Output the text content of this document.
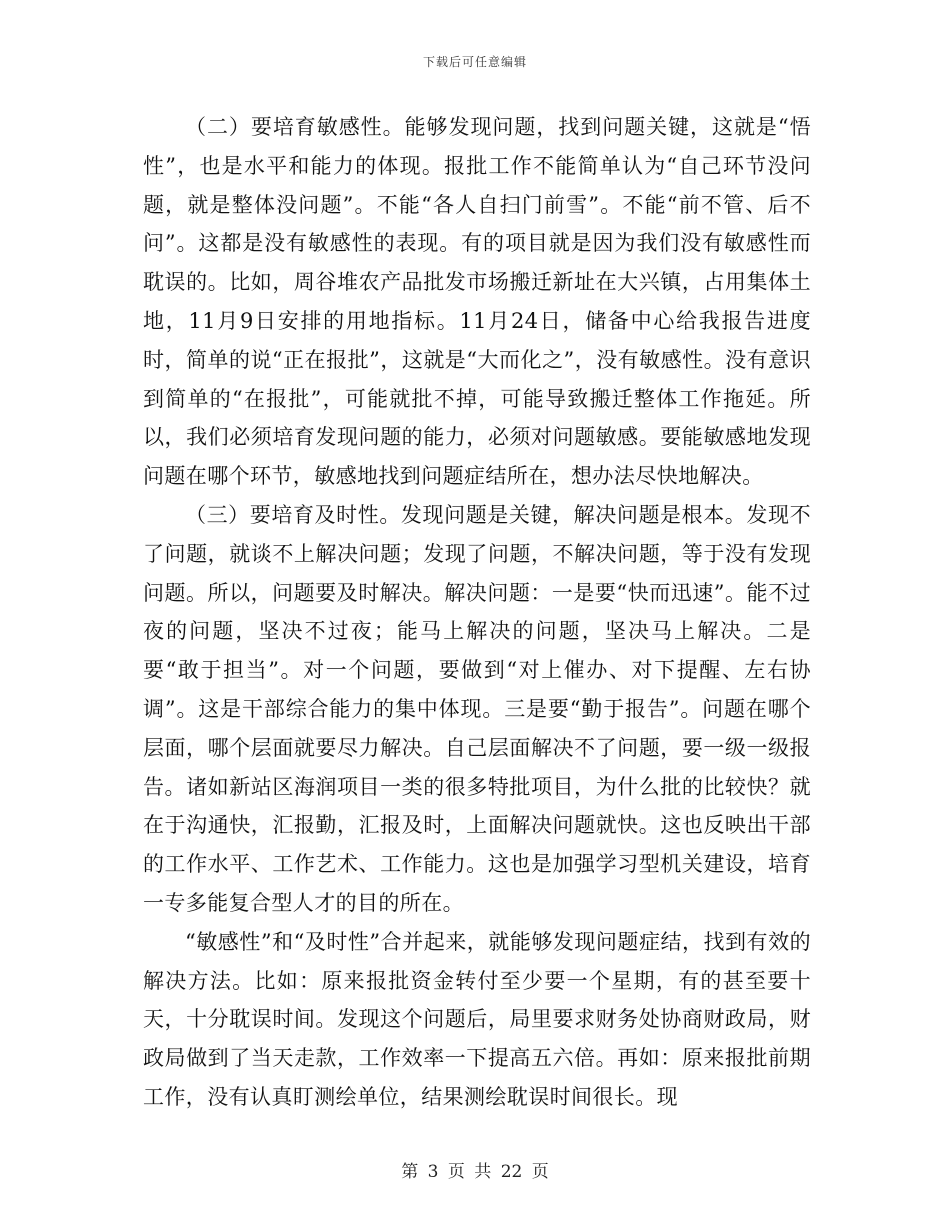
下载后可任意编辑

（二）要培育敏感性。能够发现问题，找到问题关键，这就是“悟性”，也是水平和能力的体现。报批工作不能简单认为“自己环节没问题，就是整体没问题”。不能“各人自扫门前雪”。不能“前不管、后不问”。这都是没有敏感性的表现。有的项目就是因为我们没有敏感性而耽误的。比如，周谷堆农产品批发市场搬迁新址在大兴镇，占用集体土地，11月9日安排的用地指标。11月24日，储备中心给我报告进度时，简单的说“正在报批”，这就是“大而化之”，没有敏感性。没有意识到简单的“在报批”，可能就批不掉，可能导致搬迁整体工作拖延。所以，我们必须培育发现问题的能力，必须对问题敏感。要能敏感地发现问题在哪个环节，敏感地找到问题症结所在，想办法尽快地解决。

（三）要培育及时性。发现问题是关键，解决问题是根本。发现不了问题，就谈不上解决问题；发现了问题，不解决问题，等于没有发现问题。所以，问题要及时解决。解决问题：一是要“快而迅速”。能不过夜的问题，坚决不过夜；能马上解决的问题，坚决马上解决。二是要“敢于担当”。对一个问题，要做到“对上催办、对下提醒、左右协调”。这是干部综合能力的集中体现。三是要“勤于报告”。问题在哪个层面，哪个层面就要尽力解决。自己层面解决不了问题，要一级一级报告。诸如新站区海润项目一类的很多特批项目，为什么批的比较快？就在于沟通快，汇报勤，汇报及时，上面解决问题就快。这也反映出干部的工作水平、工作艺术、工作能力。这也是加强学习型机关建设，培育一专多能复合型人才的目的所在。

“敏感性”和“及时性”合并起来，就能够发现问题症结，找到有效的解决方法。比如：原来报批资金转付至少要一个星期，有的甚至要十天，十分耽误时间。发现这个问题后，局里要求财务处协商财政局，财政局做到了当天走款，工作效率一下提高五六倍。再如：原来报批前期工作，没有认真盯测绘单位，结果测绘耽误时间很长。现

第 3 页 共 22 页
